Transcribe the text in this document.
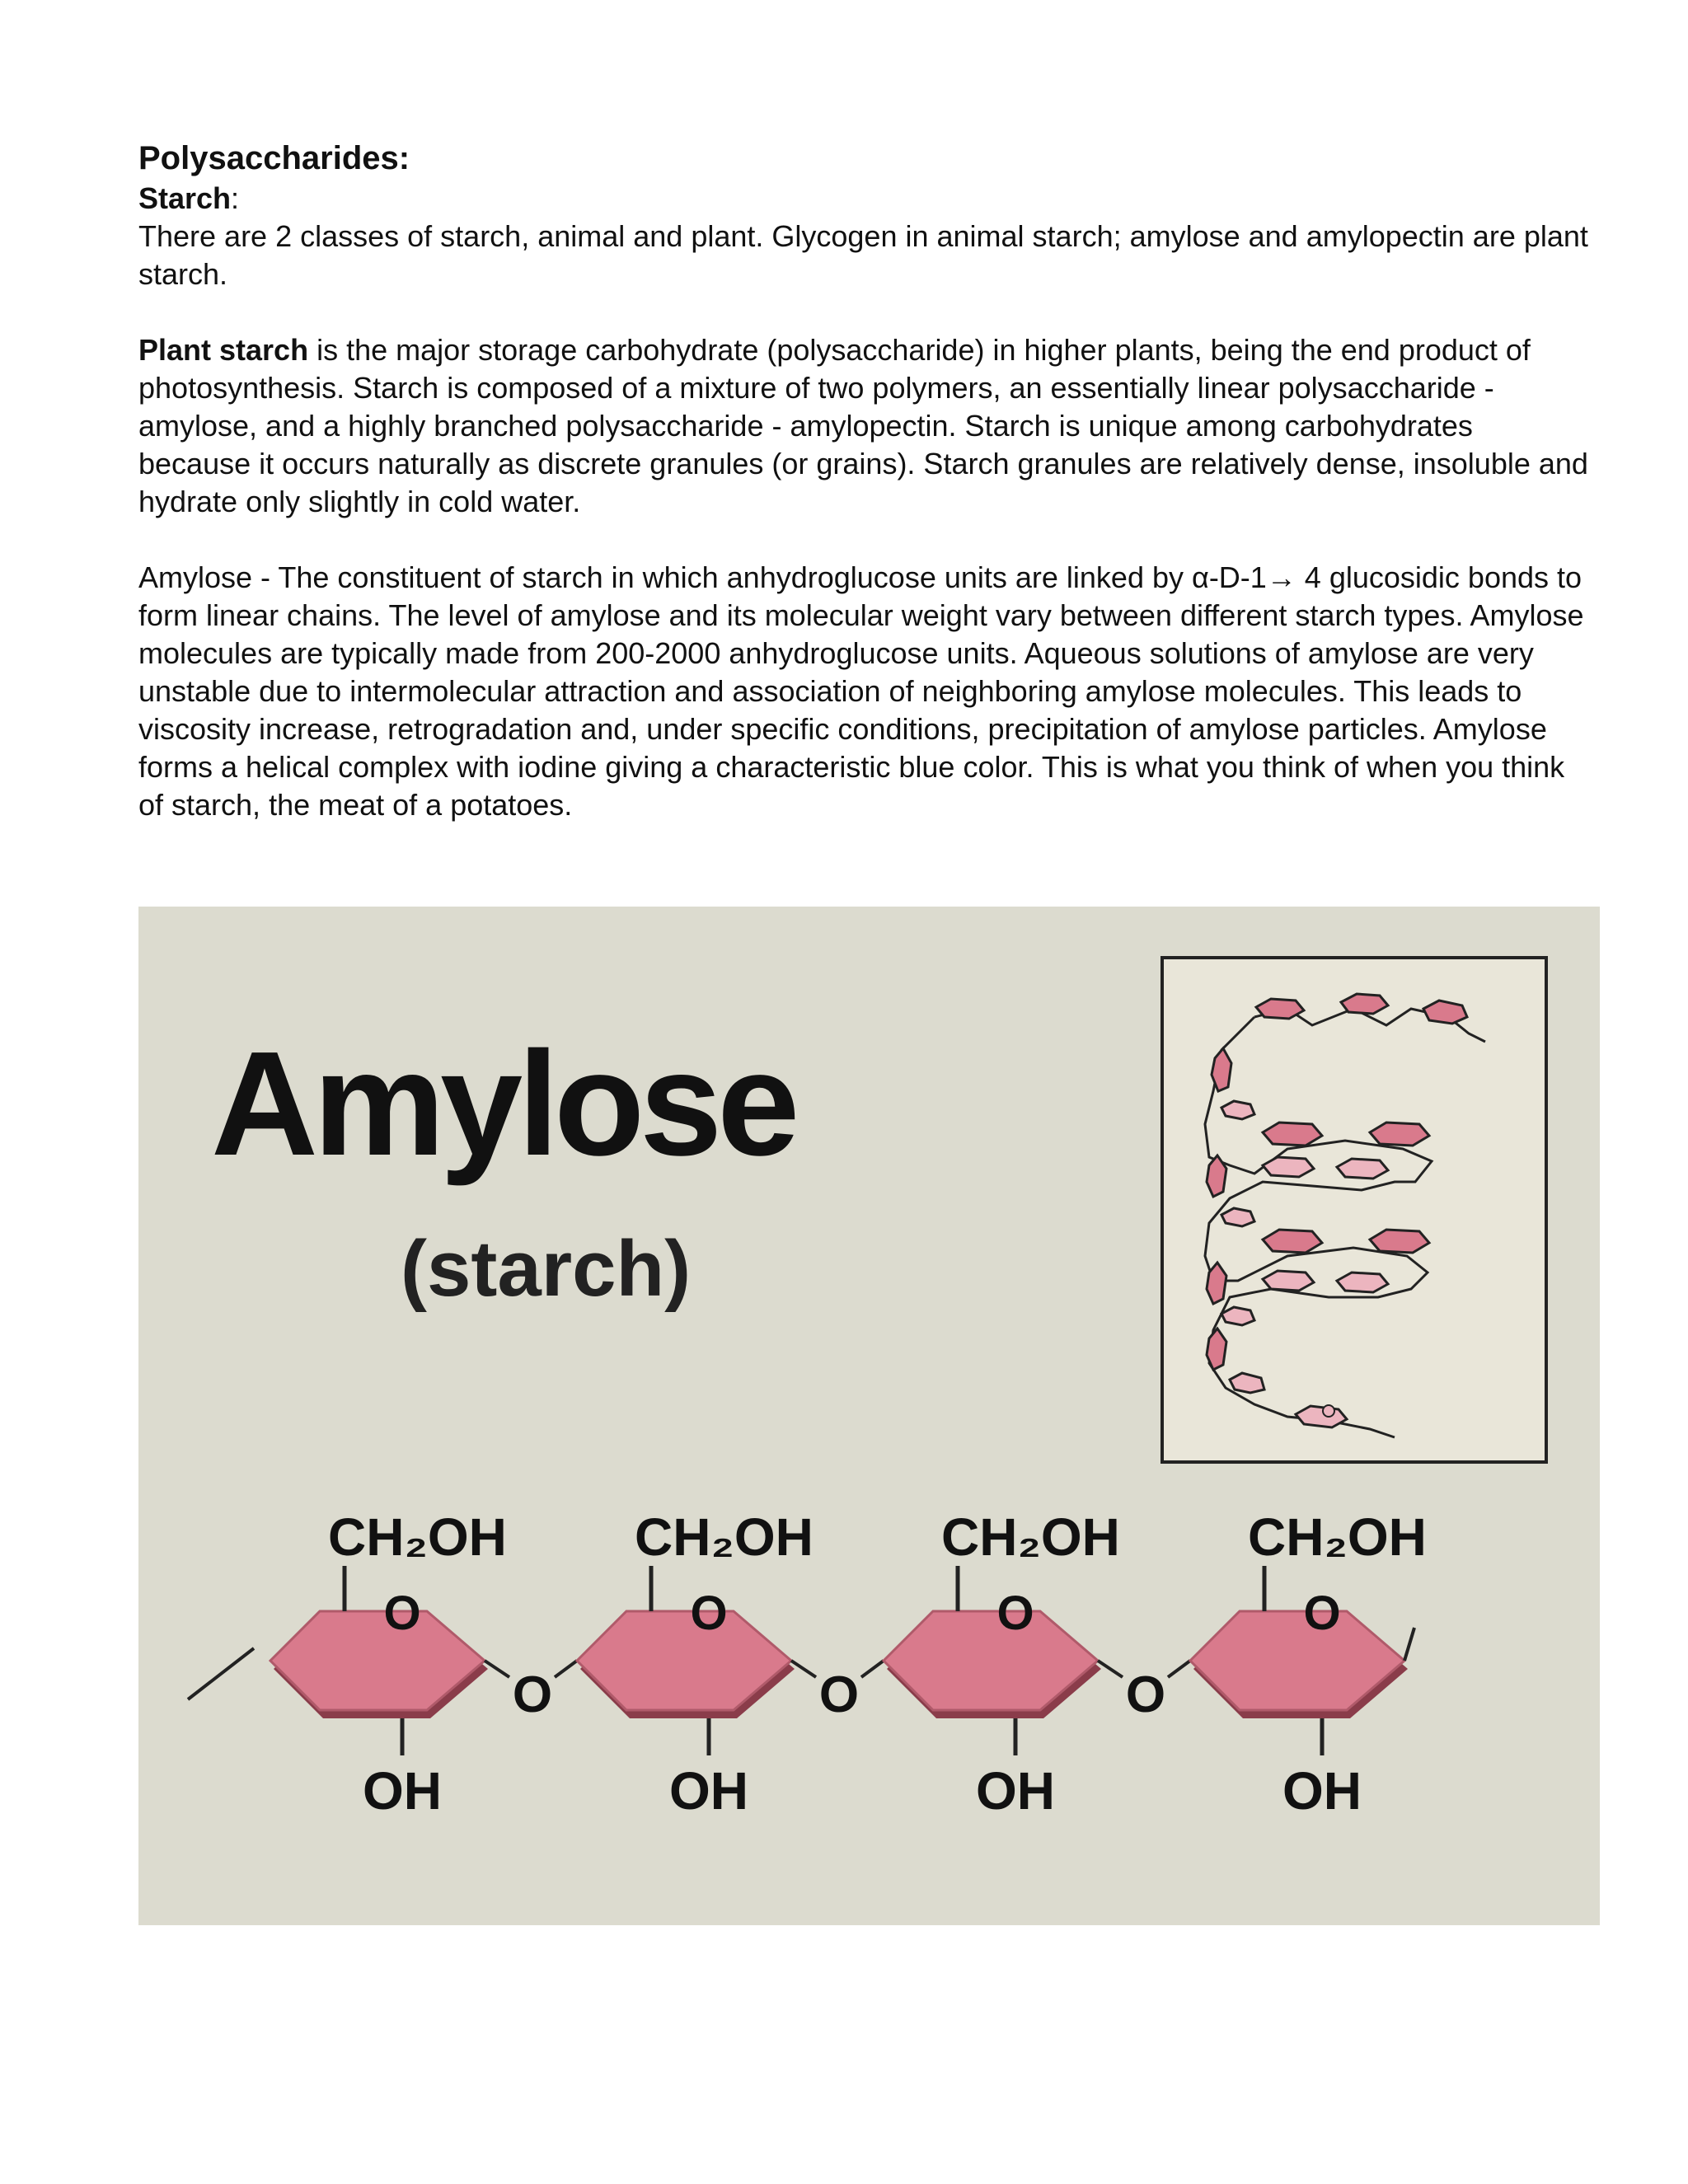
Polysaccharides:

Starch:

There are 2 classes of starch, animal and plant. Glycogen in animal starch; amylose and amylopectin are plant starch.

Plant starch is the major storage carbohydrate (polysaccharide) in higher plants, being the end product of photosynthesis. Starch is composed of a mixture of two polymers, an essentially linear polysaccharide -amylose, and a highly branched polysaccharide - amylopectin. Starch is unique among carbohydrates because it occurs naturally as discrete granules (or grains). Starch granules are relatively dense, insoluble and hydrate only slightly in cold water.

Amylose - The constituent of starch in which anhydroglucose units are linked by α-D-1→ 4 glucosidic bonds to form linear chains. The level of amylose and its molecular weight vary between different starch types. Amylose molecules are typically made from 200-2000 anhydroglucose units. Aqueous solutions of amylose are very unstable due to intermolecular attraction and association of neighboring amylose molecules. This leads to viscosity increase, retrogradation and, under specific conditions, precipitation of amylose particles. Amylose forms a helical complex with iodine giving a characteristic blue color. This is what you think of when you think of starch, the meat of a potatoes.

Amylose

(starch)

CH₂OH
O
OH
O
CH₂OH
O
OH
O
CH₂OH
O
OH
O
CH₂OH
O
OH
